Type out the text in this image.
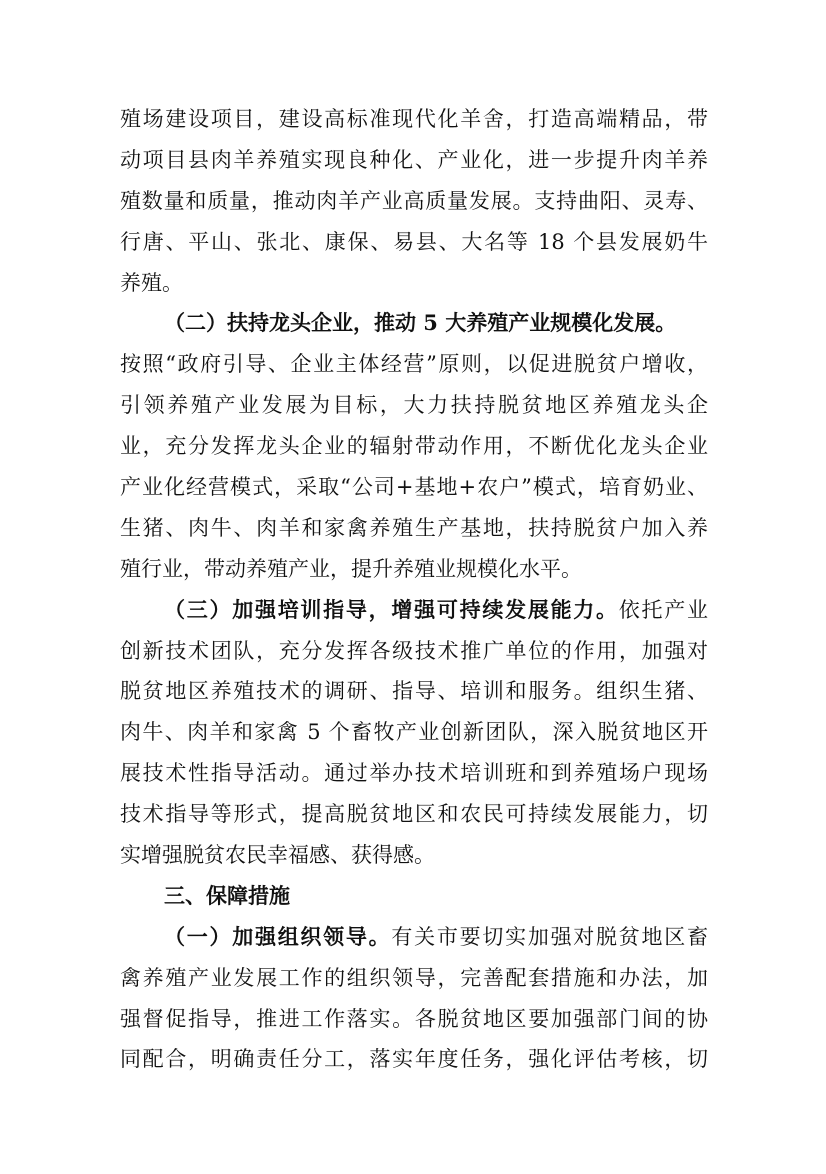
殖场建设项目，建设高标准现代化羊舍，打造高端精品，带
动项目县肉羊养殖实现良种化、产业化，进一步提升肉羊养
殖数量和质量，推动肉羊产业高质量发展。支持曲阳、灵寿、
行唐、平山、张北、康保、易县、大名等 18 个县发展奶牛
养殖。
（二）扶持龙头企业，推动 5 大养殖产业规模化发展。
按照“政府引导、企业主体经营”原则，以促进脱贫户增收，
引领养殖产业发展为目标，大力扶持脱贫地区养殖龙头企
业，充分发挥龙头企业的辐射带动作用，不断优化龙头企业
产业化经营模式，采取“公司+基地+农户”模式，培育奶业、
生猪、肉牛、肉羊和家禽养殖生产基地，扶持脱贫户加入养
殖行业，带动养殖产业，提升养殖业规模化水平。
（三）加强培训指导，增强可持续发展能力。依托产业
创新技术团队，充分发挥各级技术推广单位的作用，加强对
脱贫地区养殖技术的调研、指导、培训和服务。组织生猪、
肉牛、肉羊和家禽 5 个畜牧产业创新团队，深入脱贫地区开
展技术性指导活动。通过举办技术培训班和到养殖场户现场
技术指导等形式，提高脱贫地区和农民可持续发展能力，切
实增强脱贫农民幸福感、获得感。
三、保障措施
（一）加强组织领导。有关市要切实加强对脱贫地区畜
禽养殖产业发展工作的组织领导，完善配套措施和办法，加
强督促指导，推进工作落实。各脱贫地区要加强部门间的协
同配合，明确责任分工，落实年度任务，强化评估考核，切
